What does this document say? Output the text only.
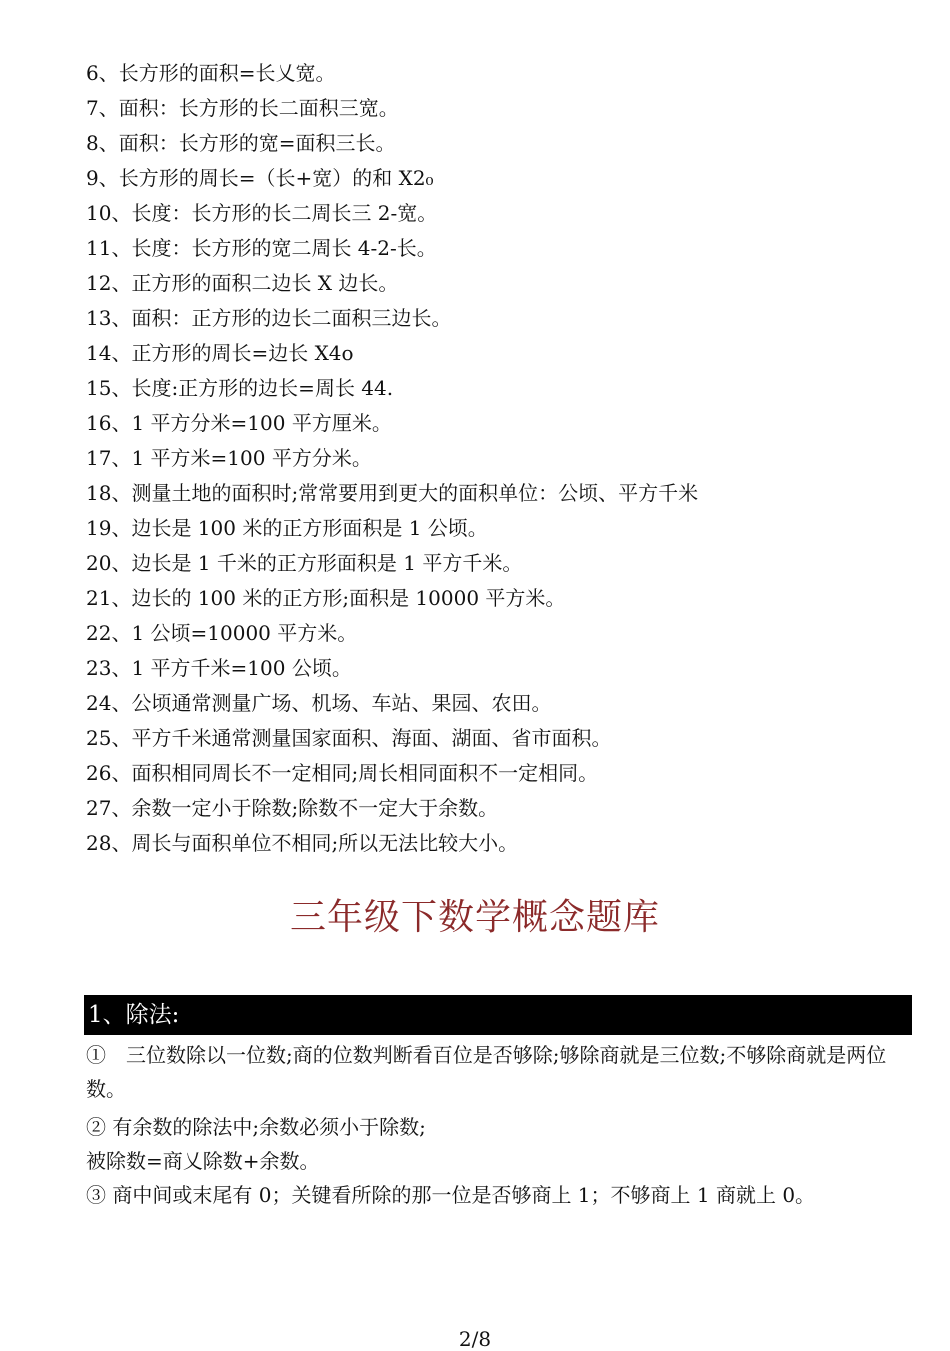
6、长方形的面积=长乂宽。
7、面积：长方形的长二面积三宽。
8、面积：长方形的宽=面积三长。
9、长方形的周长=（长+宽）的和 X2₀
10、长度：长方形的长二周长三 2-宽。
11、长度：长方形的宽二周长 4-2-长。
12、正方形的面积二边长 X 边长。
13、面积：正方形的边长二面积三边长。
14、正方形的周长=边长 X4o
15、长度:正方形的边长=周长 44.
16、1 平方分米=100 平方厘米。
17、1 平方米=100 平方分米。
18、测量土地的面积时;常常要用到更大的面积单位：公顷、平方千米
19、边长是 100 米的正方形面积是 1 公顷。
20、边长是 1 千米的正方形面积是 1 平方千米。
21、边长的 100 米的正方形;面积是 10000 平方米。
22、1 公顷=10000 平方米。
23、1 平方千米=100 公顷。
24、公顷通常测量广场、机场、车站、果园、农田。
25、平方千米通常测量国家面积、海面、湖面、省市面积。
26、面积相同周长不一定相同;周长相同面积不一定相同。
27、余数一定小于除数;除数不一定大于余数。
28、周长与面积单位不相同;所以无法比较大小。
三年级下数学概念题库
1、除法:
①　三位数除以一位数;商的位数判断看百位是否够除;够除商就是三位数;不够除商就是两位数。
② 有余数的除法中;余数必须小于除数;
被除数=商乂除数+余数。
③ 商中间或末尾有 0；关键看所除的那一位是否够商上 1；不够商上 1 商就上 0。
2/8
